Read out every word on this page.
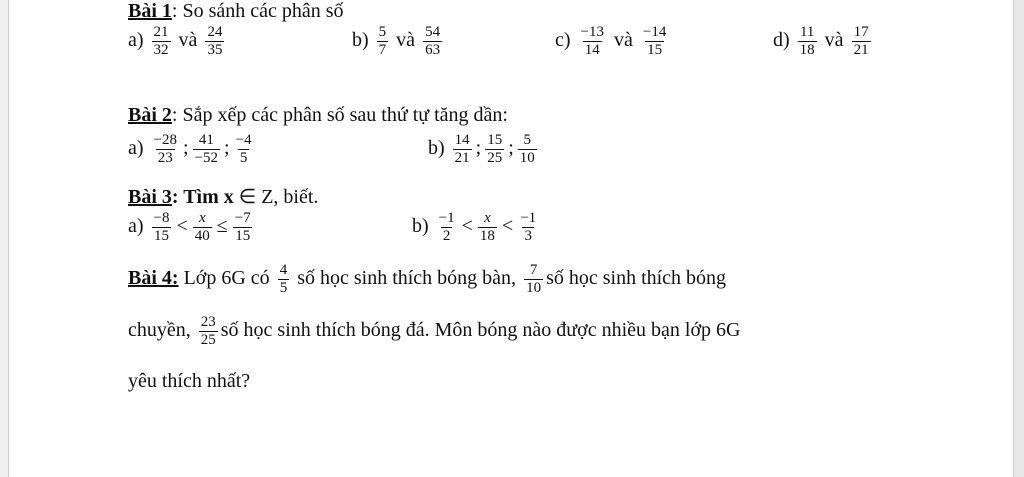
Bài 1: So sánh các phân số
$a) \frac{21}{32}$ và $\frac{24}{35}$	$b) \frac{5}{7}$ và $\frac{54}{63}$	$c) \frac{-13}{14}$ và $\frac{-14}{15}$	$d) \frac{11}{18}$ và $\frac{17}{21}$
Bài 2: Sắp xếp các phân số sau thứ tự tăng dần:
$a) \frac{-28}{23}$ ; $\frac{41}{-52}$ ; $\frac{-4}{5}$	$b) \frac{14}{21}$ ; $\frac{15}{25}$ ; $\frac{5}{10}$
Bài 3: Tìm x ∈ Z, biết.
$a) \frac{-8}{15} < \frac{x}{40} \le \frac{-7}{15}$	$b) \frac{-1}{2} < \frac{x}{18} < \frac{-1}{3}$
Bài 4: Lớp 6G có $\frac{4}{5}$ số học sinh thích bóng bàn, $\frac{7}{10}$ số học sinh thích bóng
chuyền, $\frac{23}{25}$ số học sinh thích bóng đá. Môn bóng nào được nhiều bạn lớp 6G
yêu thích nhất?
